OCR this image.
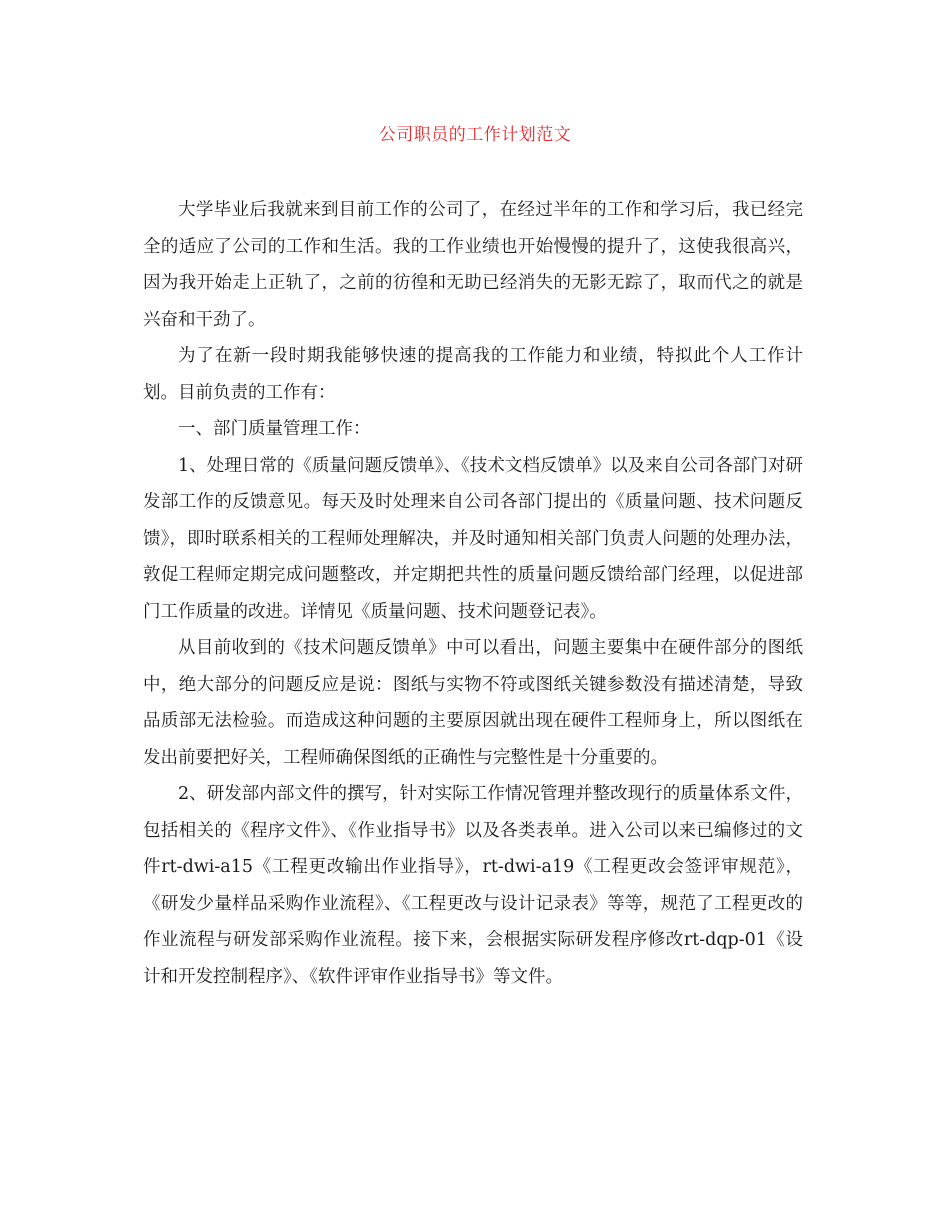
公司职员的工作计划范文

大学毕业后我就来到目前工作的公司了，在经过半年的工作和学习后，我已经完全的适应了公司的工作和生活。我的工作业绩也开始慢慢的提升了，这使我很高兴，因为我开始走上正轨了，之前的彷徨和无助已经消失的无影无踪了，取而代之的就是兴奋和干劲了。

为了在新一段时期我能够快速的提高我的工作能力和业绩，特拟此个人工作计划。目前负责的工作有：

一、部门质量管理工作：

1、处理日常的《质量问题反馈单》、《技术文档反馈单》以及来自公司各部门对研发部工作的反馈意见。每天及时处理来自公司各部门提出的《质量问题、技术问题反馈》，即时联系相关的工程师处理解决，并及时通知相关部门负责人问题的处理办法，敦促工程师定期完成问题整改，并定期把共性的质量问题反馈给部门经理，以促进部门工作质量的改进。详情见《质量问题、技术问题登记表》。

从目前收到的《技术问题反馈单》中可以看出，问题主要集中在硬件部分的图纸中，绝大部分的问题反应是说：图纸与实物不符或图纸关键参数没有描述清楚，导致品质部无法检验。而造成这种问题的主要原因就出现在硬件工程师身上，所以图纸在发出前要把好关，工程师确保图纸的正确性与完整性是十分重要的。

2、研发部内部文件的撰写，针对实际工作情况管理并整改现行的质量体系文件，包括相关的《程序文件》、《作业指导书》以及各类表单。进入公司以来已编修过的文件rt-dwi-a15《工程更改输出作业指导》，rt-dwi-a19《工程更改会签评审规范》，《研发少量样品采购作业流程》、《工程更改与设计记录表》等等，规范了工程更改的作业流程与研发部采购作业流程。接下来，会根据实际研发程序修改rt-dqp-01《设计和开发控制程序》、《软件评审作业指导书》等文件。
